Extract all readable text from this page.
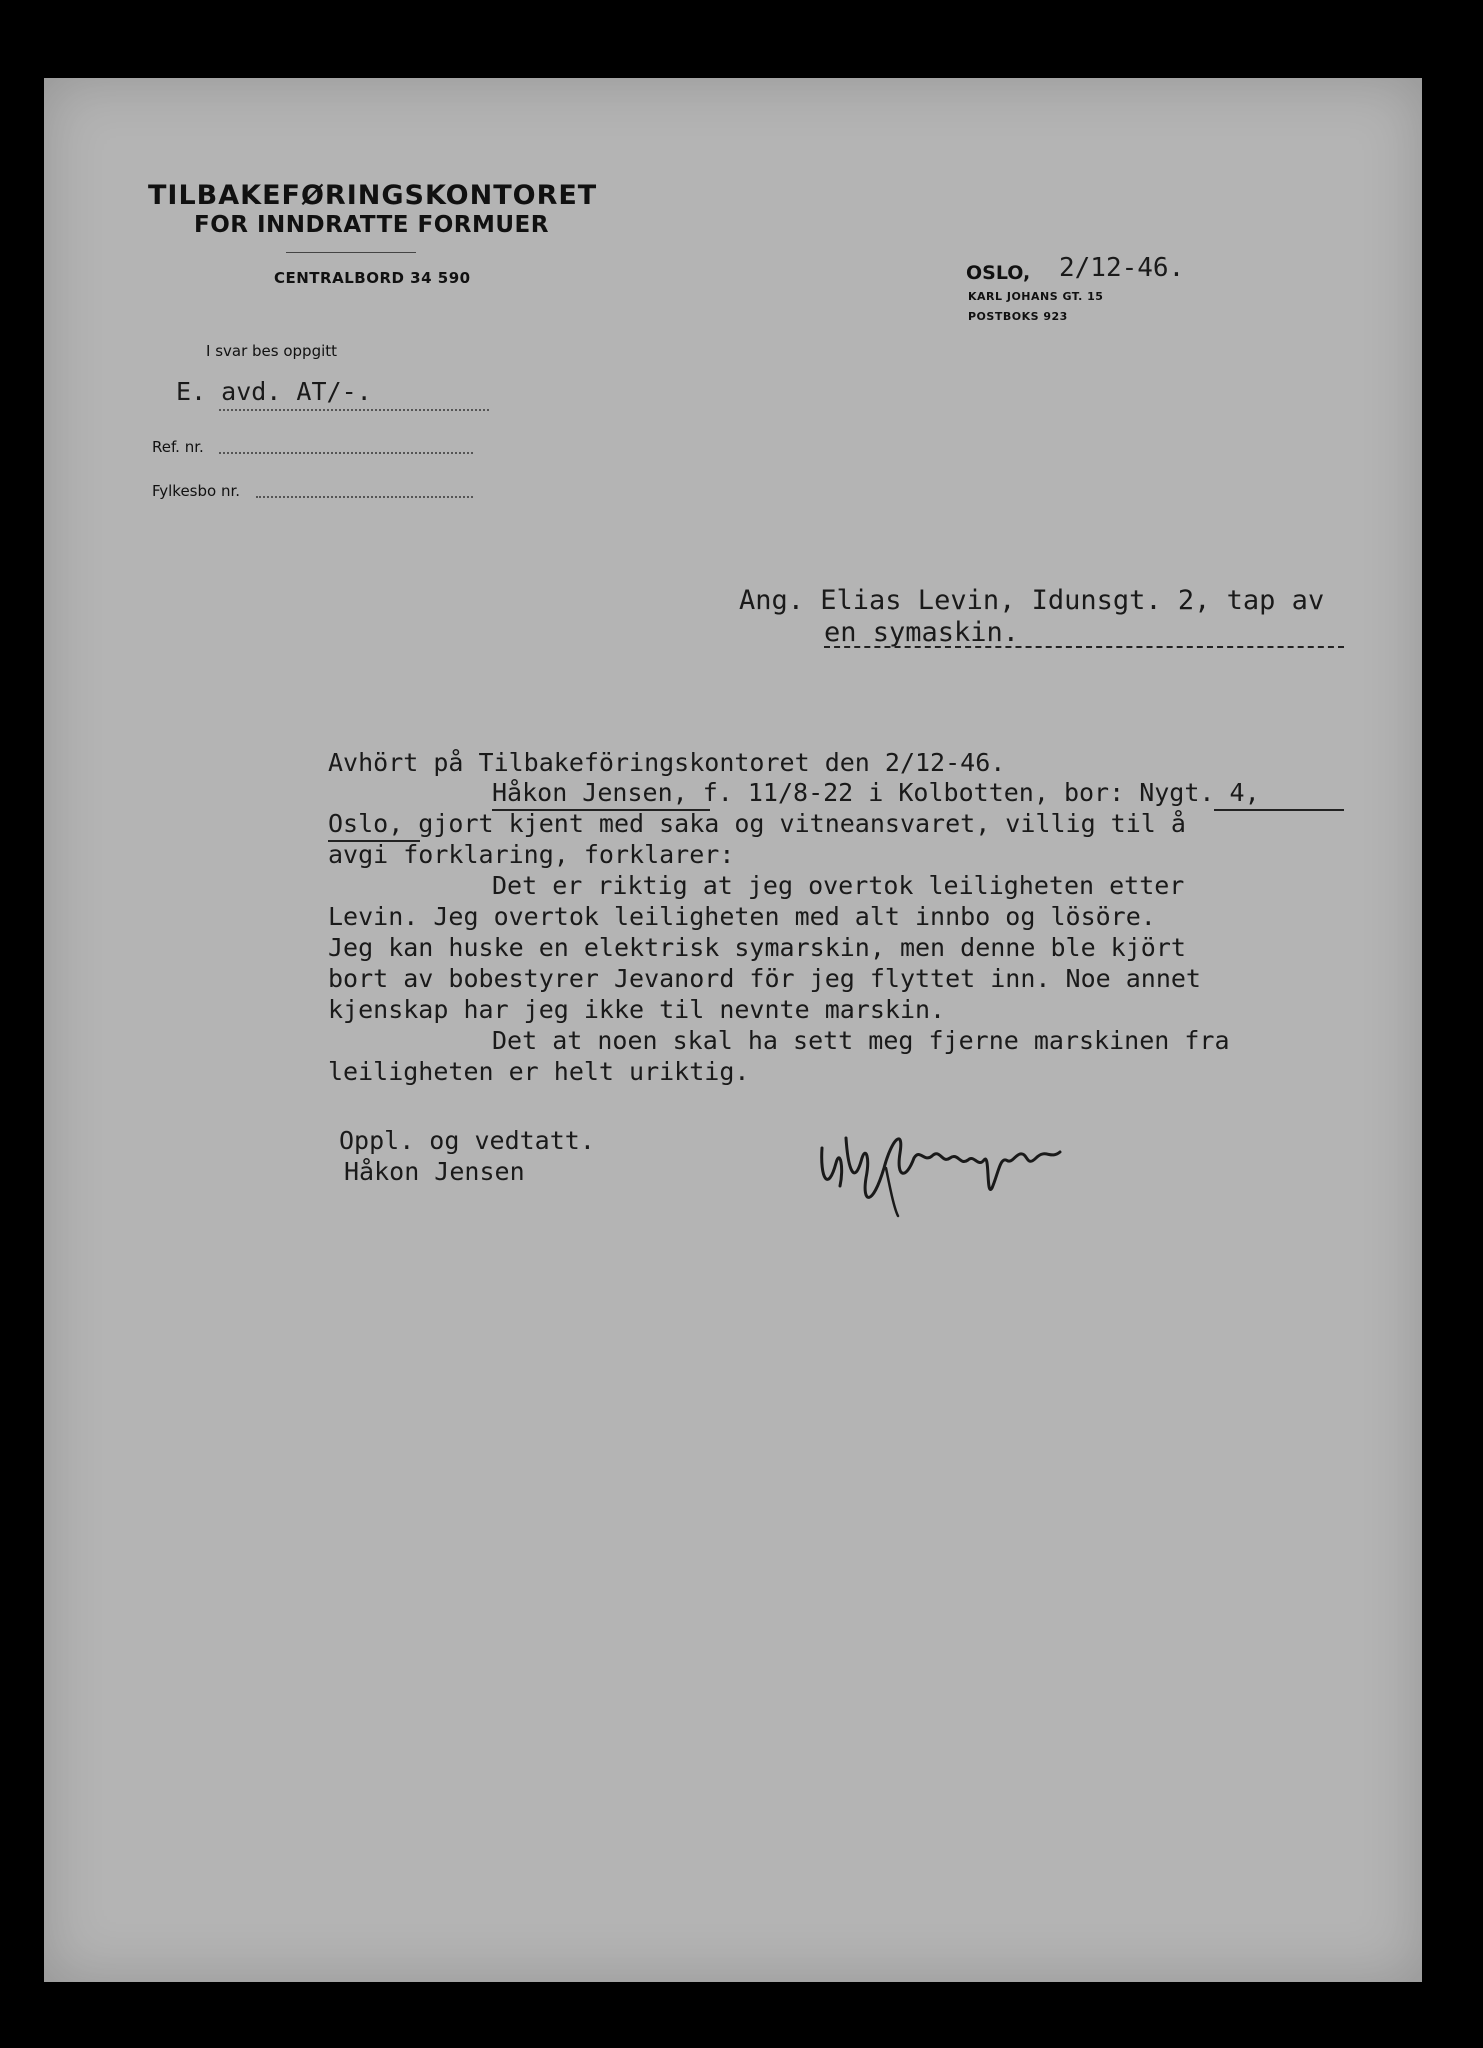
TILBAKEFØRINGSKONTORET
FOR INNDRATTE FORMUER
CENTRALBORD 34 590	OSLO, 2/12-46.
KARL JOHANS GT. 15
POSTBOKS 923
I svar bes oppgitt
E. avd. AT/-.
Ref. nr.
Fylkesbo nr.
Ang. Elias Levin, Idunsgt. 2, tap av
en symaskin.
Avhört på Tilbakeföringskontoret den 2/12-46.
Håkon Jensen, f. 11/8-22 i Kolbotten, bor: Nygt. 4,
Oslo, gjort kjent med saka og vitneansvaret, villig til å
avgi forklaring, forklarer:
Det er riktig at jeg overtok leiligheten etter
Levin. Jeg overtok leiligheten med alt innbo og lösöre.
Jeg kan huske en elektrisk symarskin, men denne ble kjört
bort av bobestyrer Jevanord för jeg flyttet inn. Noe annet
kjenskap har jeg ikke til nevnte marskin.
Det at noen skal ha sett meg fjerne marskinen fra
leiligheten er helt uriktig.
Oppl. og vedtatt.
Håkon Jensen
